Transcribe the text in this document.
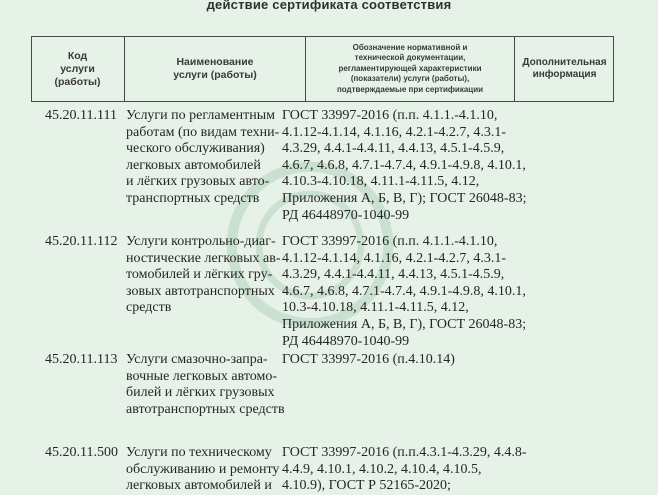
действие сертификата соответствия
Код
услуги
(работы)
Наименование
услуги (работы)
Обозначение нормативной и
технической документации,
регламентирующей характеристики
(показатели) услуги (работы),
подтверждаемые при сертификации
Дополнительная
информация
45.20.11.111 Услуги по регламентным
работам (по видам техни-
ческого обслуживания)
легковых автомобилей
и лёгких грузовых авто-
транспортных средств
ГОСТ 33997-2016 (п.п. 4.1.1.-4.1.10,
4.1.12-4.1.14, 4.1.16, 4.2.1-4.2.7, 4.3.1-
4.3.29, 4.4.1-4.4.11, 4.4.13, 4.5.1-4.5.9,
4.6.7, 4.6.8, 4.7.1-4.7.4, 4.9.1-4.9.8, 4.10.1,
4.10.3-4.10.18, 4.11.1-4.11.5, 4.12,
Приложения А, Б, В, Г); ГОСТ 26048-83;
РД 46448970-1040-99
45.20.11.112 Услуги контрольно-диаг-
ностические легковых ав-
томобилей и лёгких гру-
зовых автотранспортных
средств
ГОСТ 33997-2016 (п.п. 4.1.1.-4.1.10,
4.1.12-4.1.14, 4.1.16, 4.2.1-4.2.7, 4.3.1-
4.3.29, 4.4.1-4.4.11, 4.4.13, 4.5.1-4.5.9,
4.6.7, 4.6.8, 4.7.1-4.7.4, 4.9.1-4.9.8, 4.10.1,
10.3-4.10.18, 4.11.1-4.11.5, 4.12,
Приложения А, Б, В, Г), ГОСТ 26048-83;
РД 46448970-1040-99
45.20.11.113 Услуги смазочно-запра-
вочные легковых автомо-
билей и лёгких грузовых
автотранспортных средств
ГОСТ 33997-2016 (п.4.10.14)
45.20.11.500 Услуги по техническому
обслуживанию и ремонту
легковых автомобилей и
ГОСТ 33997-2016 (п.п.4.3.1-4.3.29, 4.4.8-
4.4.9, 4.10.1, 4.10.2, 4.10.4, 4.10.5,
4.10.9), ГОСТ Р 52165-2020;
